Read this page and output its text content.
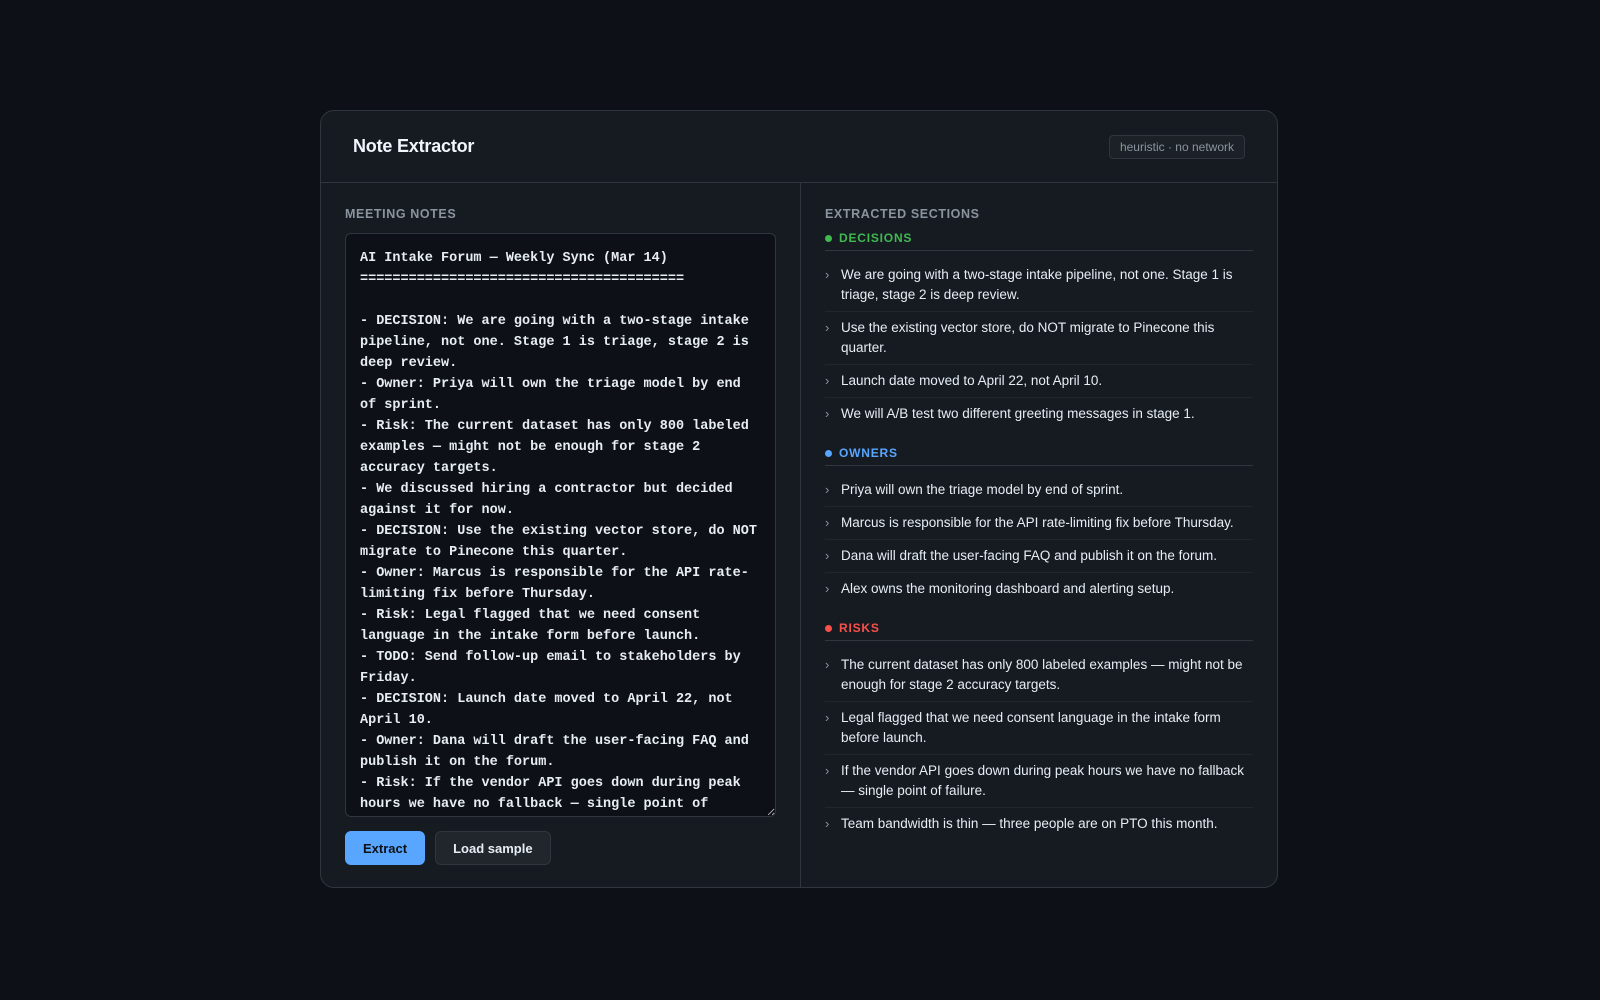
Note Extractor	heuristic · no network
MEETING NOTES
AI Intake Forum — Weekly Sync (Mar 14) ======================================== - DECISION: We are going with a two-stage intake pipeline, not one. Stage 1 is triage, stage 2 is deep review. - Owner: Priya will own the triage model by end of sprint. - Risk: The current dataset has only 800 labeled examples — might not be enough for stage 2 accuracy targets. - We discussed hiring a contractor but decided against it for now. - DECISION: Use the existing vector store, do NOT migrate to Pinecone this quarter. - Owner: Marcus is responsible for the API rate-limiting fix before Thursday. - Risk: Legal flagged that we need consent language in the intake form before launch. - TODO: Send follow-up email to stakeholders by Friday. - DECISION: Launch date moved to April 22, not April 10. - Owner: Dana will draft the user-facing FAQ and publish it on the forum. - Risk: If the vendor API goes down during peak hours we have no fallback — single point of
Extract	Load sample
EXTRACTED SECTIONS
DECISIONS
› We are going with a two-stage intake pipeline, not one. Stage 1 is triage, stage 2 is deep review.
› Use the existing vector store, do NOT migrate to Pinecone this quarter.
› Launch date moved to April 22, not April 10.
› We will A/B test two different greeting messages in stage 1.
OWNERS
› Priya will own the triage model by end of sprint.
› Marcus is responsible for the API rate-limiting fix before Thursday.
› Dana will draft the user-facing FAQ and publish it on the forum.
› Alex owns the monitoring dashboard and alerting setup.
RISKS
› The current dataset has only 800 labeled examples — might not be enough for stage 2 accuracy targets.
› Legal flagged that we need consent language in the intake form before launch.
› If the vendor API goes down during peak hours we have no fallback — single point of failure.
› Team bandwidth is thin — three people are on PTO this month.
